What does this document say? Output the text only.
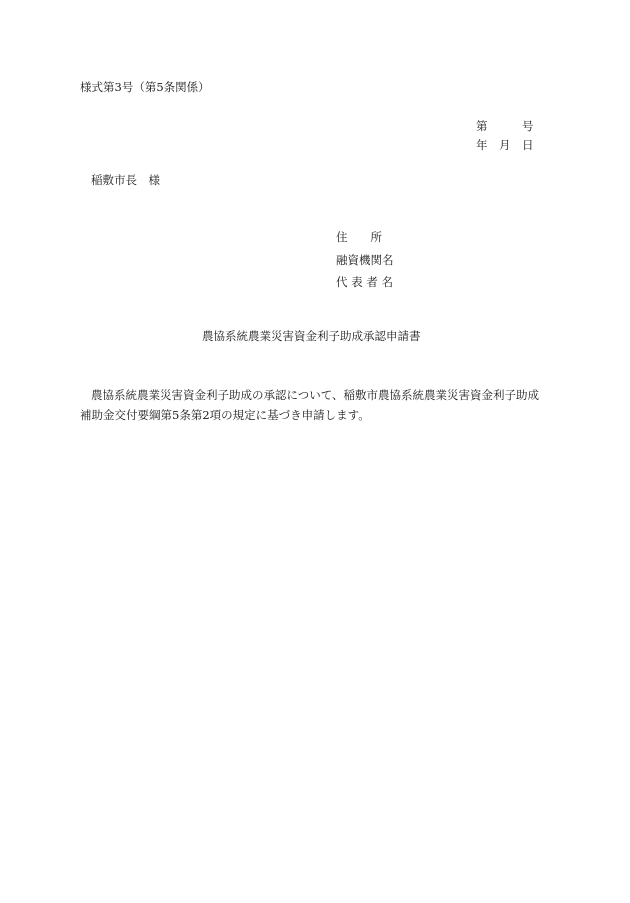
様式第3号（第5条関係）
第	号
年 月 日
稲敷市長　様
住　　所
融資機関名
代 表 者 名
農協系統農業災害資金利子助成承認申請書
農協系統農業災害資金利子助成の承認について、稲敷市農協系統農業災害資金利子助成
補助金交付要綱第5条第2項の規定に基づき申請します。
